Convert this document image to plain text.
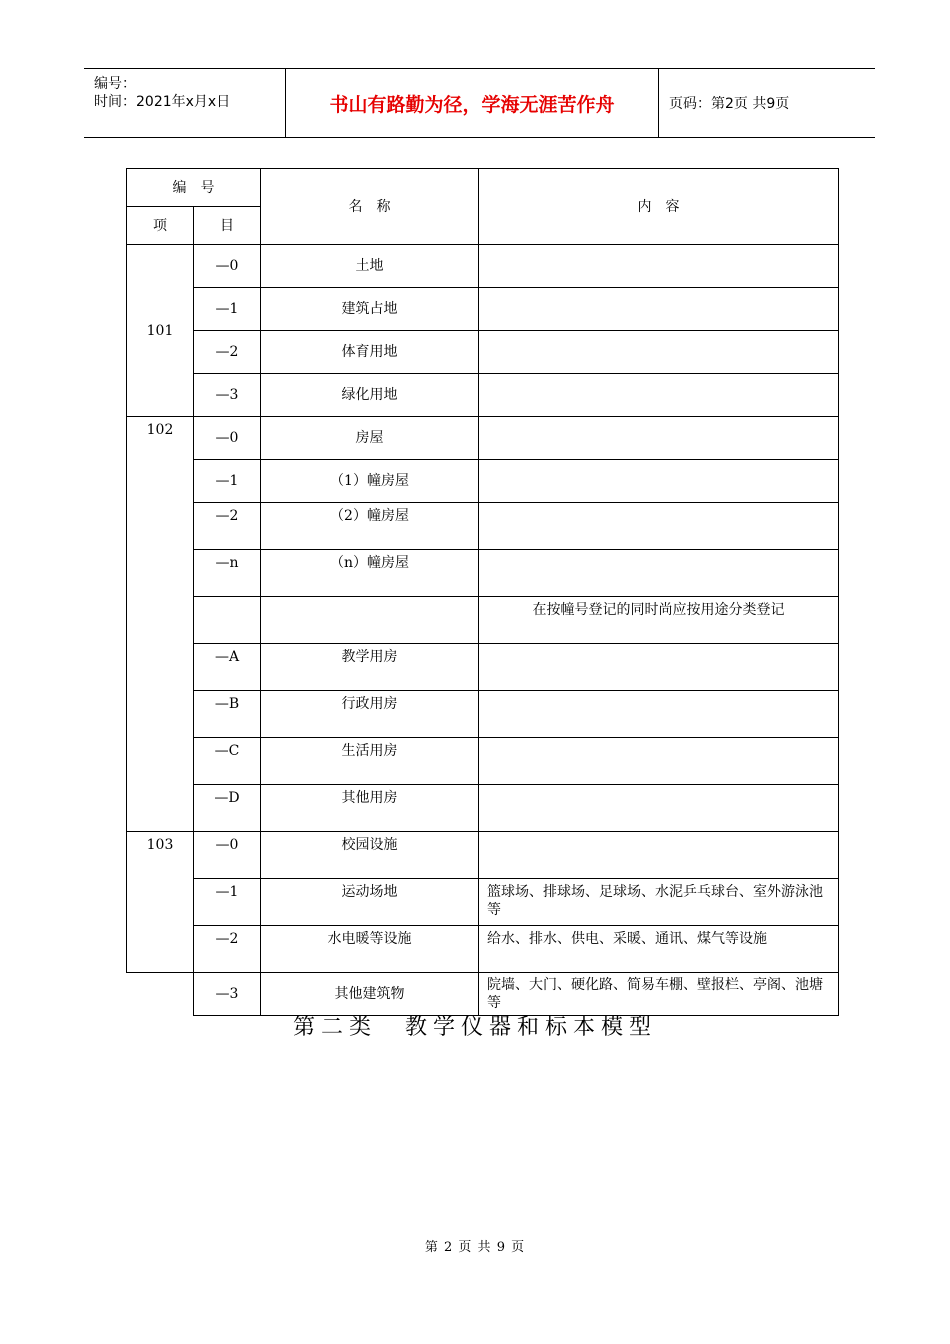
编号：
时间：2021年x月x日	书山有路勤为径，学海无涯苦作舟	页码：第2页 共9页
编　号		名　称	内　容
项	目		
101	—0	土地	
	—1	建筑占地	
	—2	体育用地	
	—3	绿化用地	
102	—0	房屋	
	—1	（1）幢房屋	
	—2	（2）幢房屋	
	—n	（n）幢房屋	
			在按幢号登记的同时尚应按用途分类登记
	—A	教学用房	
	—B	行政用房	
	—C	生活用房	
	—D	其他用房	
103	—0	校园设施	
	—1	运动场地	篮球场、排球场、足球场、水泥乒乓球台、室外游泳池等
	—2	水电暖等设施	给水、排水、供电、采暖、通讯、煤气等设施
	—3	其他建筑物	院墙、大门、硬化路、简易车棚、壁报栏、亭阁、池塘等
第二类　教学仪器和标本模型
第 2 页 共 9 页
